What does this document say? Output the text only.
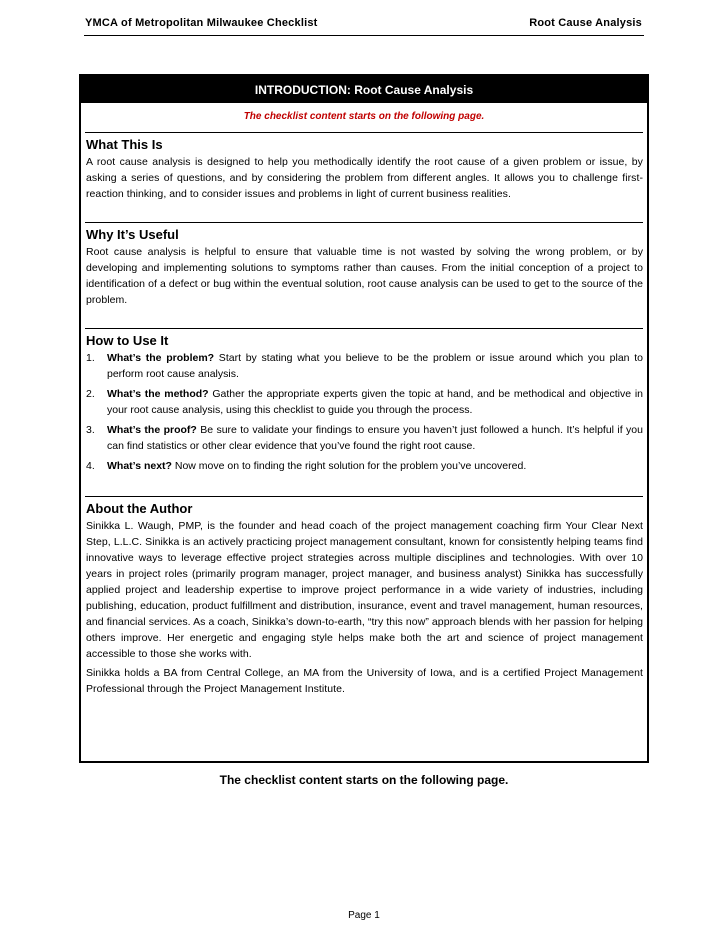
YMCA of Metropolitan Milwaukee Checklist	Root Cause Analysis
INTRODUCTION: Root Cause Analysis
The checklist content starts on the following page.
What This Is

A root cause analysis is designed to help you methodically identify the root cause of a given problem or issue, by asking a series of questions, and by considering the problem from different angles. It allows you to challenge first-reaction thinking, and to consider issues and problems in light of current business realities.

Why It’s Useful

Root cause analysis is helpful to ensure that valuable time is not wasted by solving the wrong problem, or by developing and implementing solutions to symptoms rather than causes. From the initial conception of a project to identification of a defect or bug within the eventual solution, root cause analysis can be used to get to the source of the problem.

How to Use It
1. What’s the problem? Start by stating what you believe to be the problem or issue around which you plan to perform root cause analysis.
2. What’s the method? Gather the appropriate experts given the topic at hand, and be methodical and objective in your root cause analysis, using this checklist to guide you through the process.
3. What’s the proof? Be sure to validate your findings to ensure you haven’t just followed a hunch. It’s helpful if you can find statistics or other clear evidence that you’ve found the right root cause.
4. What’s next? Now move on to finding the right solution for the problem you’ve uncovered.
About the Author

Sinikka L. Waugh, PMP, is the founder and head coach of the project management coaching firm Your Clear Next Step, L.L.C. Sinikka is an actively practicing project management consultant, known for consistently helping teams find innovative ways to leverage effective project strategies across multiple disciplines and technologies. With over 10 years in project roles (primarily program manager, project manager, and business analyst) Sinikka has successfully applied project and leadership expertise to improve project performance in a wide variety of industries, including publishing, education, product fulfillment and distribution, insurance, event and travel management, human resources, and financial services. As a coach, Sinikka’s down-to-earth, “try this now” approach blends with her passion for helping others improve. Her energetic and engaging style helps make both the art and science of project management accessible to those she works with.

Sinikka holds a BA from Central College, an MA from the University of Iowa, and is a certified Project Management Professional through the Project Management Institute.

The checklist content starts on the following page.
Page 1
